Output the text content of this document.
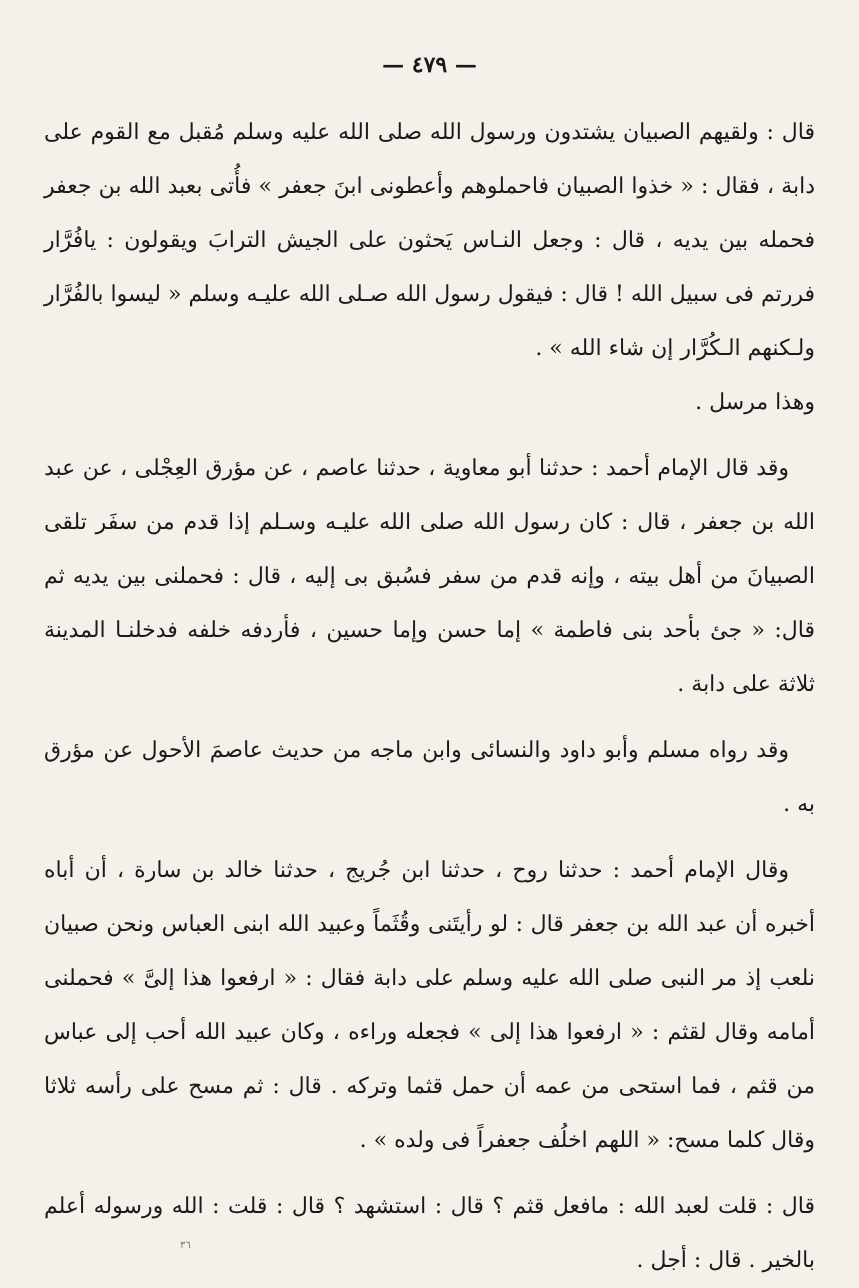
— ٤٧٩ —

قال : ولقيهم الصبيان يشتدون ورسول الله صلى الله عليه وسلم مُقبل مع القوم على دابة ، فقال : « خذوا الصبيان فاحملوهم وأعطونى ابنَ جعفر » فأُتى بعبد الله بن جعفر فحمله بين يديه ، قال : وجعل النـاس يَحثون على الجيش الترابَ ويقولون : يافُرَّار فررتم فى سبيل الله ! قال : فيقول رسول الله صـلى الله عليـه وسلم « ليسوا بالفُرَّار ولـكنهم الـكُرَّار إن شاء الله » .

وهذا مرسل .

وقد قال الإمام أحمد : حدثنا أبو معاوية ، حدثنا عاصم ، عن مؤرق العِجْلى ، عن عبد الله بن جعفر ، قال : كان رسول الله صلى الله عليـه وسـلم إذا قدم من سفَر تلقى الصبيانَ من أهل بيته ، وإنه قدم من سفر فسُبق بى إليه ، قال : فحملنى بين يديه ثم قال: « جئ بأحد بنى فاطمة » إما حسن وإما حسين ، فأردفه خلفه فدخلنـا المدينة ثلاثة على دابة .

وقد رواه مسلم وأبو داود والنسائى وابن ماجه من حديث عاصمَ الأحول عن مؤرق به .

وقال الإمام أحمد : حدثنا روح ، حدثنا ابن جُريج ، حدثنا خالد بن سارة ، أن أباه أخبره أن عبد الله بن جعفر قال : لو رأيتَنى وقُثَماً وعبيد الله ابنى العباس ونحن صبيان نلعب إذ مر النبى صلى الله عليه وسلم على دابة فقال : « ارفعوا هذا إلىَّ » فحملنى أمامه وقال لقثم : « ارفعوا هذا إلى » فجعله وراءه ، وكان عبيد الله أحب إلى عباس من قثم ، فما استحى من عمه أن حمل قثما وتركه . قال : ثم مسح على رأسه ثلاثا وقال كلما مسح: « اللهم اخلُف جعفراً فى ولده » .

قال : قلت لعبد الله : مافعل قثم ؟ قال : استشهد ؟ قال : قلت : الله ورسوله أعلم بالخير . قال : أجل .

٣٦
